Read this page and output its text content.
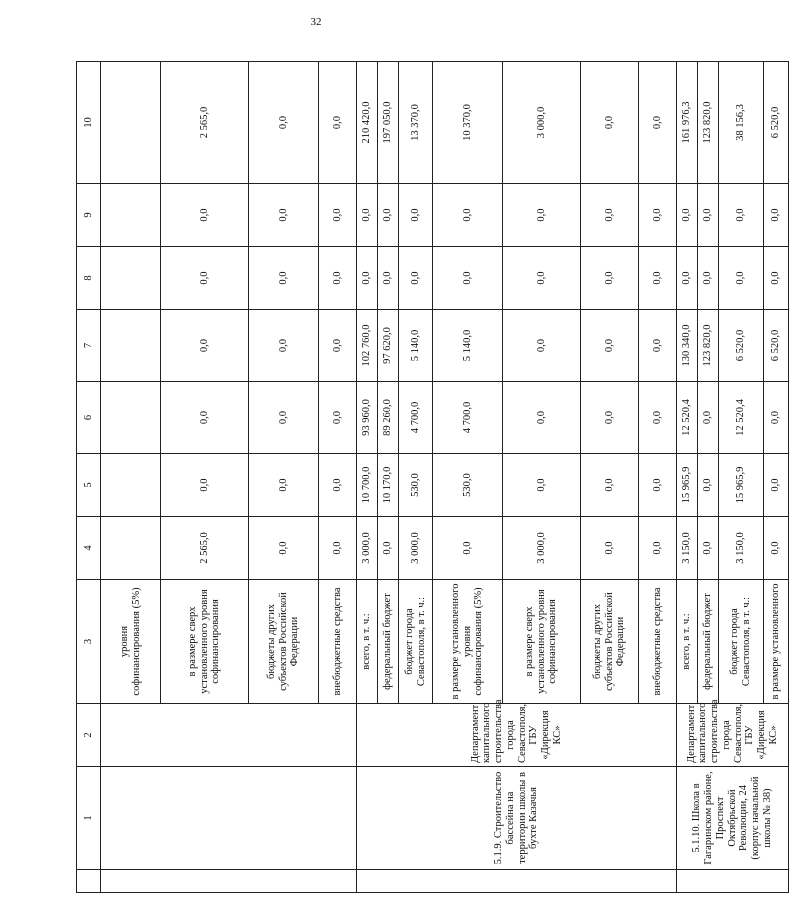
32
	1	2	3	4	5	6	7	8	9	10
			уровня софинансирования (5%)							
			в размере сверх установленного уровня софинансирования	2 565,0	0,0	0,0	0,0	0,0	0,0	2 565,0
			бюджеты других субъектов Российской Федерации	0,0	0,0	0,0	0,0	0,0	0,0	0,0
			внебюджетные средства	0,0	0,0	0,0	0,0	0,0	0,0	0,0
	5.1.9. Строительство бассейна на территории школы в бухте Казачья	Департамент капитального строительства города Севастополя, ГБУ «Дирекция КС»	всего, в т. ч.:	3 000,0	10 700,0	93 960,0	102 760,0	0,0	0,0	210 420,0
			федеральный бюджет	0,0	10 170,0	89 260,0	97 620,0	0,0	0,0	197 050,0
			бюджет города Севастополя, в т. ч.:	3 000,0	530,0	4 700,0	5 140,0	0,0	0,0	13 370,0
			в размере установленного уровня софинансирования (5%)	0,0	530,0	4 700,0	5 140,0	0,0	0,0	10 370,0
			в размере сверх установленного уровня софинансирования	3 000,0	0,0	0,0	0,0	0,0	0,0	3 000,0
			бюджеты других субъектов Российской Федерации	0,0	0,0	0,0	0,0	0,0	0,0	0,0
			внебюджетные средства	0,0	0,0	0,0	0,0	0,0	0,0	0,0
	5.1.10. Школа в Гагаринском районе, Проспект Октябрьской Революции, 24 (корпус начальной школы № 38)	Департамент капитального строительства города Севастополя, ГБУ «Дирекция КС»	всего, в т. ч.:	3 150,0	15 965,9	12 520,4	130 340,0	0,0	0,0	161 976,3
			федеральный бюджет	0,0	0,0	0,0	123 820,0	0,0	0,0	123 820,0
			бюджет города Севастополя, в т. ч.:	3 150,0	15 965,9	12 520,4	6 520,0	0,0	0,0	38 156,3
			в размере установленного	0,0	0,0	0,0	6 520,0	0,0	0,0	6 520,0
